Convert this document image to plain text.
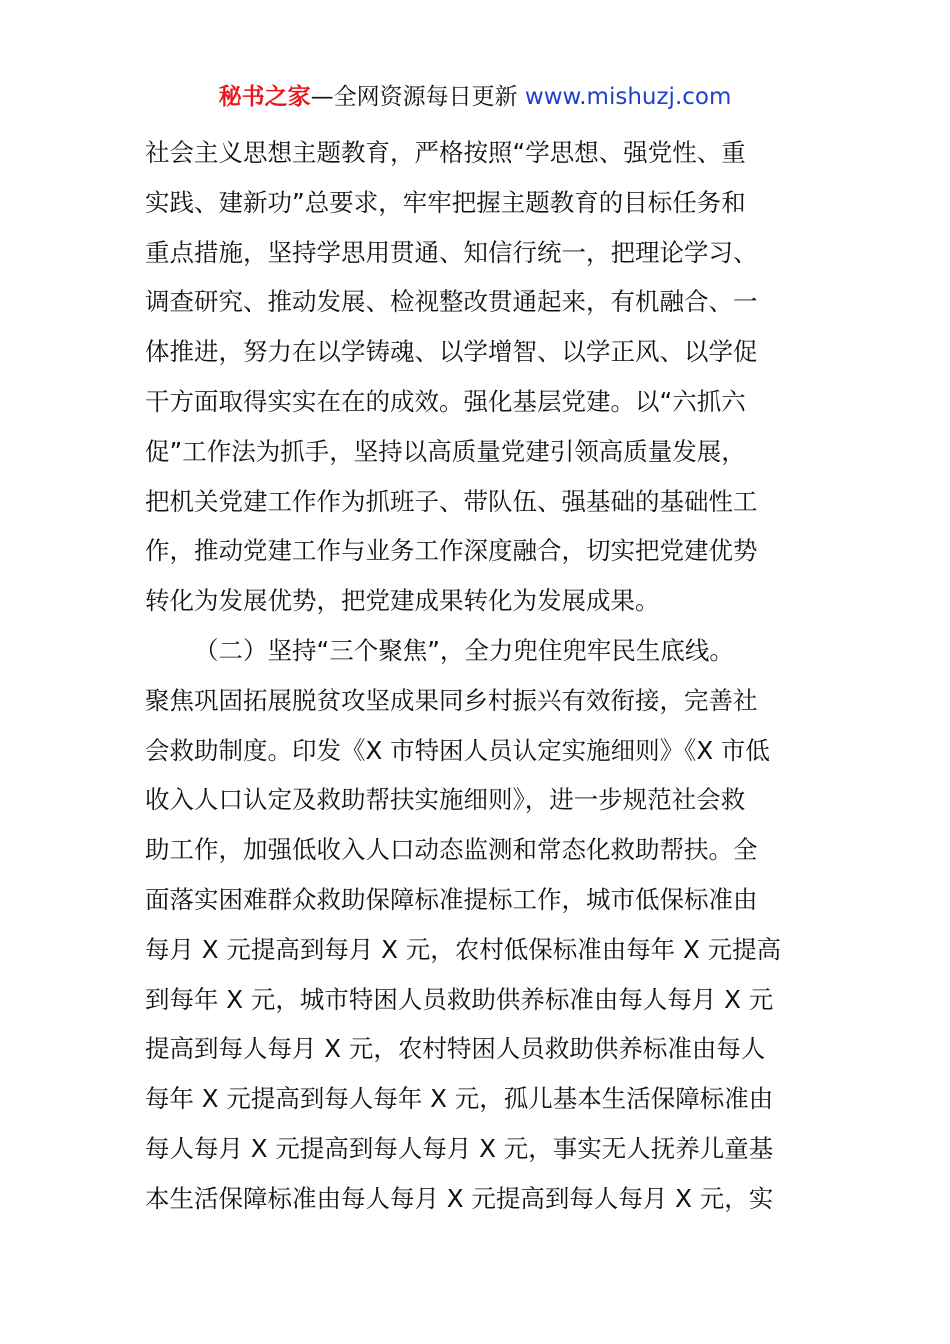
秘书之家—全网资源每日更新 www.mishuzj.com
社会主义思想主题教育，严格按照“学思想、强党性、重
实践、建新功”总要求，牢牢把握主题教育的目标任务和
重点措施，坚持学思用贯通、知信行统一，把理论学习、
调查研究、推动发展、检视整改贯通起来，有机融合、一
体推进，努力在以学铸魂、以学增智、以学正风、以学促
干方面取得实实在在的成效。强化基层党建。以“六抓六
促”工作法为抓手，坚持以高质量党建引领高质量发展，
把机关党建工作作为抓班子、带队伍、强基础的基础性工
作，推动党建工作与业务工作深度融合，切实把党建优势
转化为发展优势，把党建成果转化为发展成果。
（二）坚持“三个聚焦”，全力兜住兜牢民生底线。
聚焦巩固拓展脱贫攻坚成果同乡村振兴有效衔接，完善社
会救助制度。印发《X 市特困人员认定实施细则》《X 市低
收入人口认定及救助帮扶实施细则》，进一步规范社会救
助工作，加强低收入人口动态监测和常态化救助帮扶。全
面落实困难群众救助保障标准提标工作，城市低保标准由
每月 X 元提高到每月 X 元，农村低保标准由每年 X 元提高
到每年 X 元，城市特困人员救助供养标准由每人每月 X 元
提高到每人每月 X 元，农村特困人员救助供养标准由每人
每年 X 元提高到每人每年 X 元，孤儿基本生活保障标准由
每人每月 X 元提高到每人每月 X 元，事实无人抚养儿童基
本生活保障标准由每人每月 X 元提高到每人每月 X 元，实
